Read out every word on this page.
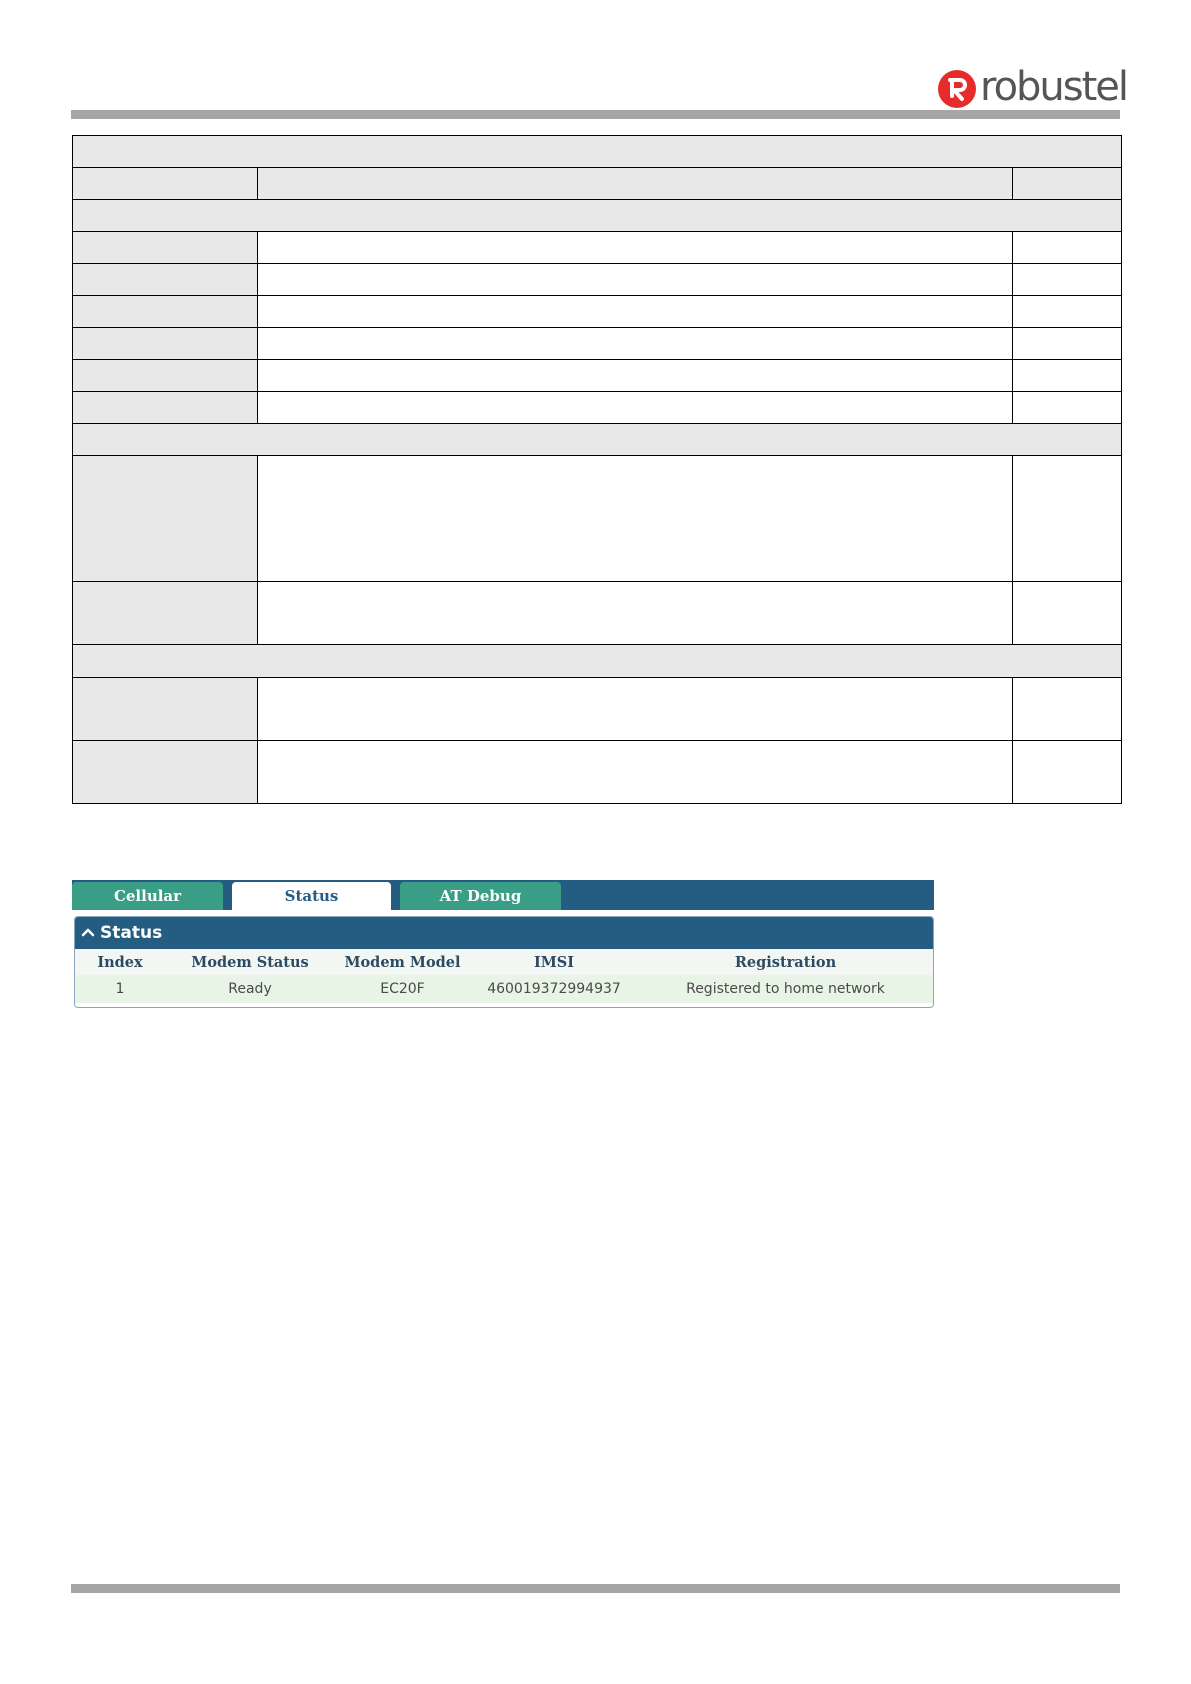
robustel

Cellular	Status	AT Debug
Status
Index	Modem Status	Modem Model	IMSI	Registration
1	Ready	EC20F	460019372994937	Registered to home network
